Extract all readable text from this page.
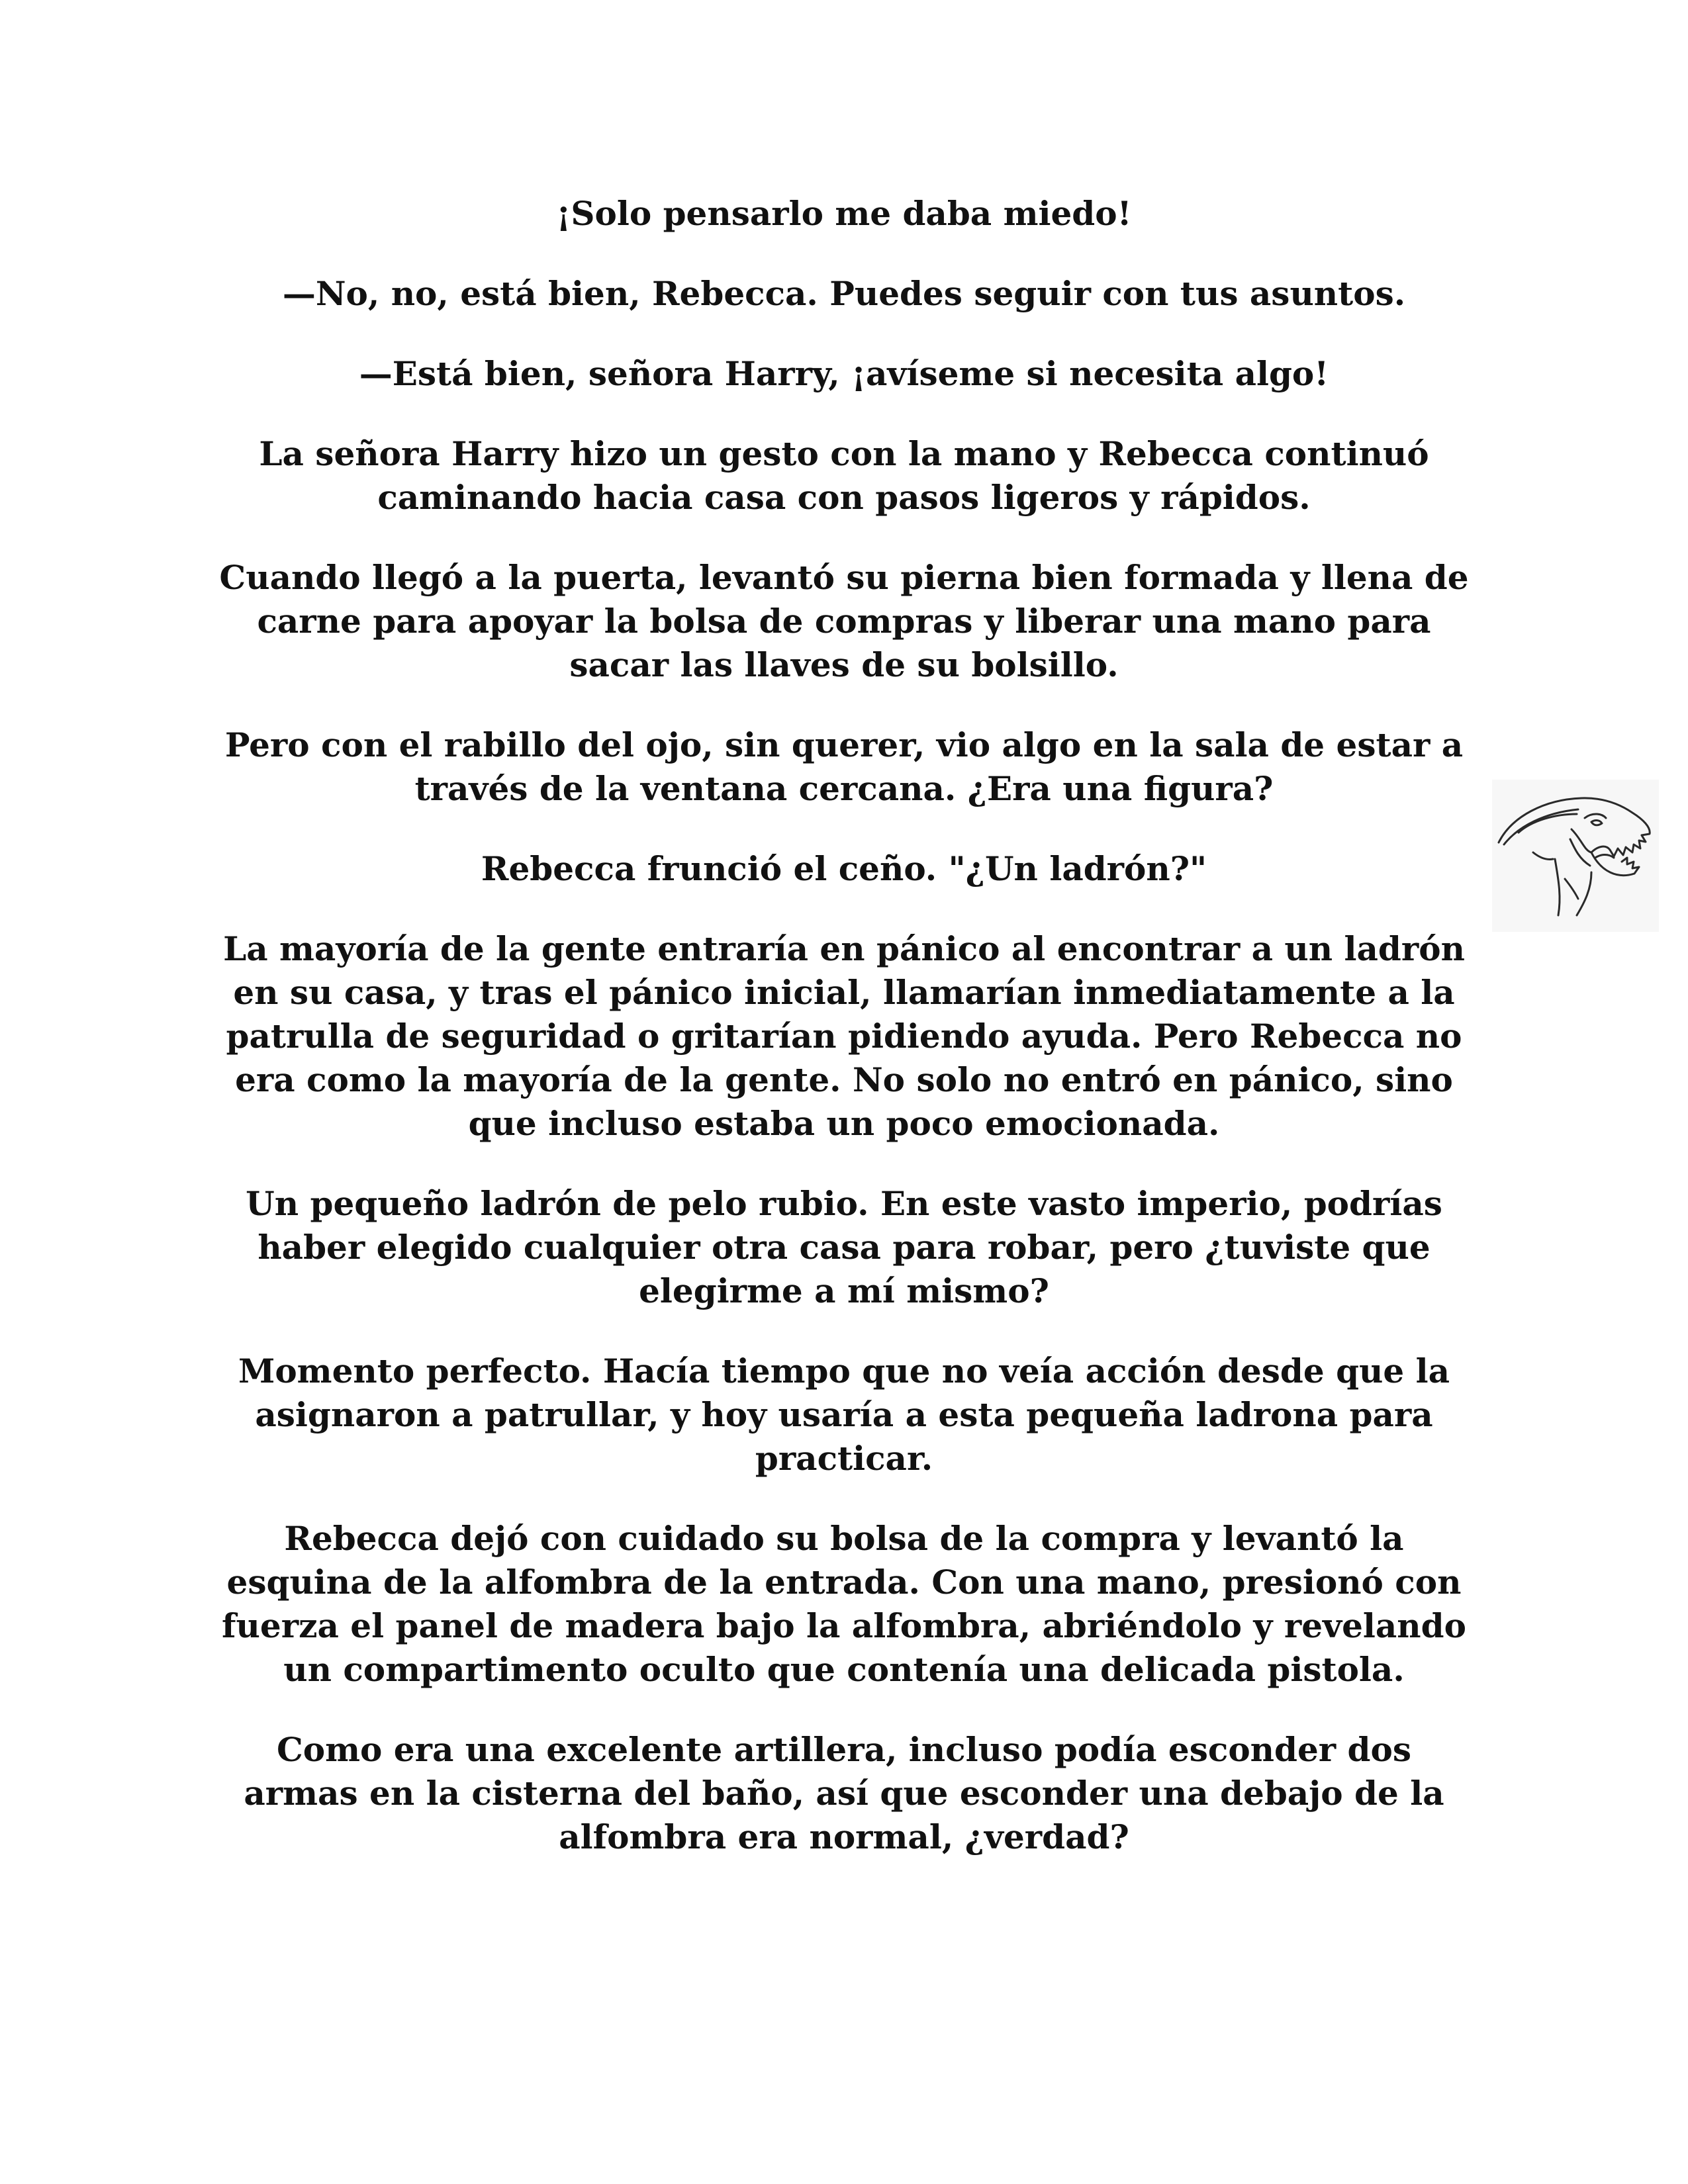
¡Solo pensarlo me daba miedo!

—No, no, está bien, Rebecca. Puedes seguir con tus asuntos.

—Está bien, señora Harry, ¡avíseme si necesita algo!

La señora Harry hizo un gesto con la mano y Rebecca continuó caminando hacia casa con pasos ligeros y rápidos.

Cuando llegó a la puerta, levantó su pierna bien formada y llena de carne para apoyar la bolsa de compras y liberar una mano para sacar las llaves de su bolsillo.

Pero con el rabillo del ojo, sin querer, vio algo en la sala de estar a través de la ventana cercana. ¿Era una figura?

Rebecca frunció el ceño. "¿Un ladrón?"

La mayoría de la gente entraría en pánico al encontrar a un ladrón en su casa, y tras el pánico inicial, llamarían inmediatamente a la patrulla de seguridad o gritarían pidiendo ayuda. Pero Rebecca no era como la mayoría de la gente. No solo no entró en pánico, sino que incluso estaba un poco emocionada.

Un pequeño ladrón de pelo rubio. En este vasto imperio, podrías haber elegido cualquier otra casa para robar, pero ¿tuviste que elegirme a mí mismo?

Momento perfecto. Hacía tiempo que no veía acción desde que la asignaron a patrullar, y hoy usaría a esta pequeña ladrona para practicar.

Rebecca dejó con cuidado su bolsa de la compra y levantó la esquina de la alfombra de la entrada. Con una mano, presionó con fuerza el panel de madera bajo la alfombra, abriéndolo y revelando un compartimento oculto que contenía una delicada pistola.

Como era una excelente artillera, incluso podía esconder dos armas en la cisterna del baño, así que esconder una debajo de la alfombra era normal, ¿verdad?
